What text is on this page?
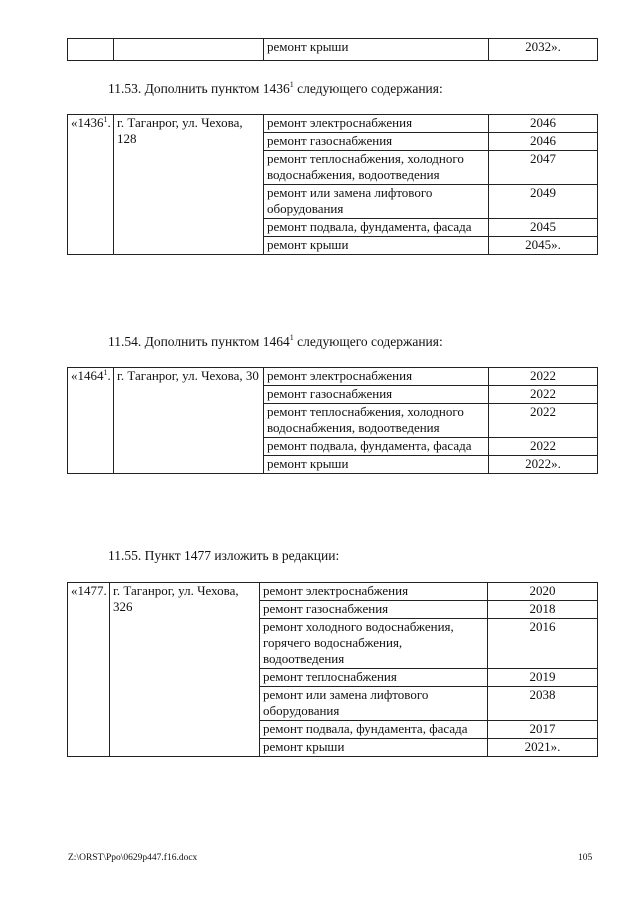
		ремонт крыши	2032».
11.53. Дополнить пунктом 1436$^1$ следующего содержания:
«1436$^1$.	г. Таганрог, ул. Чехова, 128	ремонт электроснабжения	2046
		ремонт газоснабжения	2046
		ремонт теплоснабжения, холодного водоснабжения, водоотведения	2047
		ремонт или замена лифтового оборудования	2049
		ремонт подвала, фундамента, фасада	2045
		ремонт крыши	2045».
11.54. Дополнить пунктом 1464$^1$ следующего содержания:
«1464$^1$.	г. Таганрог, ул. Чехова, 30	ремонт электроснабжения	2022
		ремонт газоснабжения	2022
		ремонт теплоснабжения, холодного водоснабжения, водоотведения	2022
		ремонт подвала, фундамента, фасада	2022
		ремонт крыши	2022».
11.55. Пункт 1477 изложить в редакции:
«1477.	г. Таганрог, ул. Чехова, 326	ремонт электроснабжения	2020
		ремонт газоснабжения	2018
		ремонт холодного водоснабжения, горячего водоснабжения, водоотведения	2016
		ремонт теплоснабжения	2019
		ремонт или замена лифтового оборудования	2038
		ремонт подвала, фундамента, фасада	2017
		ремонт крыши	2021».
Z:\ORST\Ppo\0629p447.f16.docx	105
